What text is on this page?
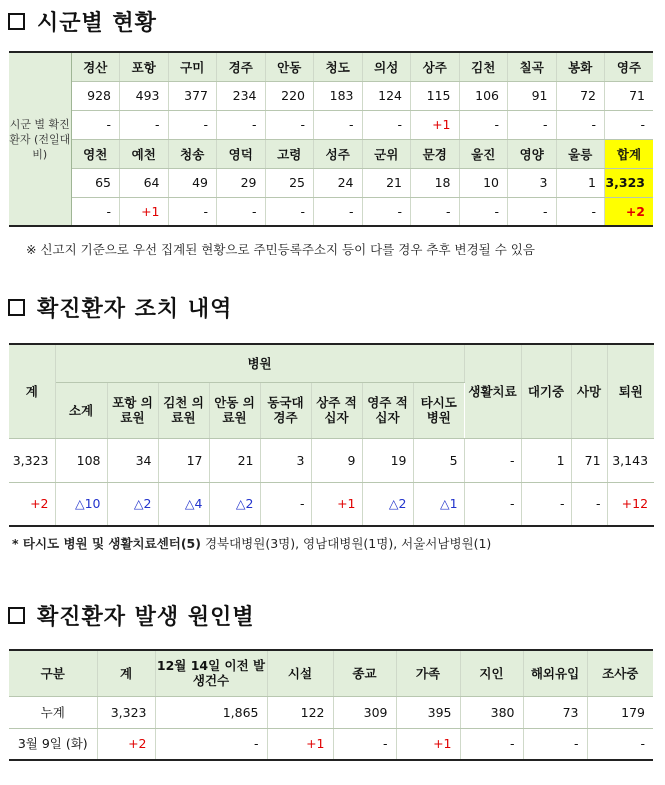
시군별 현황
시군 별 확진환자 (전일대비)	경산	포항	구미	경주	안동	청도	의성	상주	김천	칠곡	봉화	영주
	928	493	377	234	220	183	124	115	106	91	72	71
	-	-	-	-	-	-	-	+1	-	-	-	-
	영천	예천	청송	영덕	고령	성주	군위	문경	울진	영양	울릉	합계
	65	64	49	29	25	24	21	18	10	3	1	3,323
	-	+1	-	-	-	-	-	-	-	-	-	+2
※ 신고지 기준으로 우선 집계된 현황으로 주민등록주소지 등이 다를 경우 추후 변경될 수 있음
확진환자 조치 내역
계	병원								생활치료	대기중	사망	퇴원
	소계	포항 의료원	김천 의료원	안동 의료원	동국대 경주	상주 적십자	영주 적십자	타시도 병원				
3,323	108	34	17	21	3	9	19	5	-	1	71	3,143
+2	△10	△2	△4	△2	-	+1	△2	△1	-	-	-	+12
* 타시도 병원 및 생활치료센터(5) 경북대병원(3명), 영남대병원(1명), 서울서남병원(1)
확진환자 발생 원인별
구분	계	12월 14일 이전 발생건수	시설	종교	가족	지인	해외유입	조사중
누계	3,323	1,865	122	309	395	380	73	179
3월 9일 (화)	+2	-	+1	-	+1	-	-	-
